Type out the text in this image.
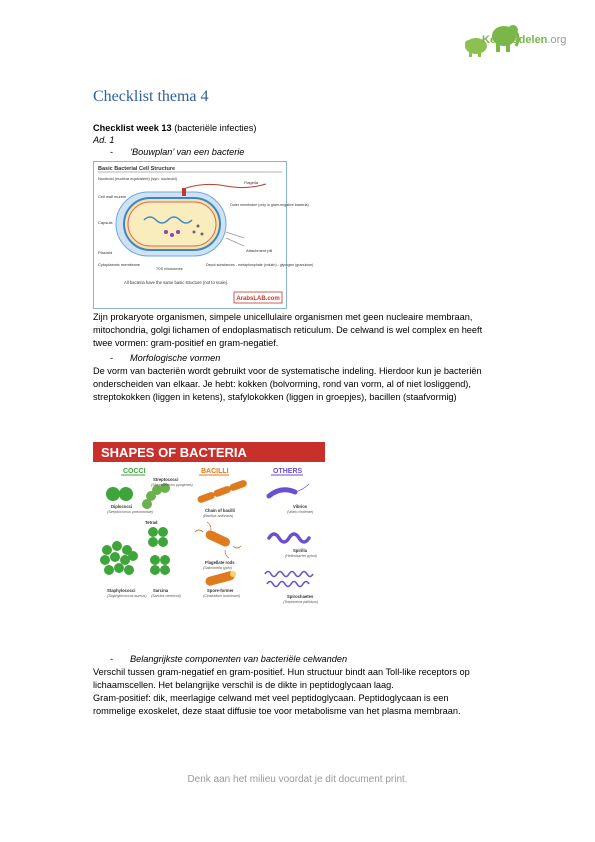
Kennisdelen.org
Checklist thema 4
Checklist week 13 (bacteriële infecties)
Ad. 1
- ‘Bouwplan’ van een bacterie
Basic Bacterial Cell Structure
Nucleoid (nuclear equivalent) (syn: nucleoid)
Cell wall murein
Capsule
Plasmid
Cytoplasmic membrane
Flagella
Outer membrane (only in gram-negative bacteria)
Attachment pili
70S ribosomes
Depot substances - metaphosphate (volutin) - glycogen (granulose)
All bacteria have the same basic structure (not to scale).
ArabsLAB.com
Zijn prokaryote organismen, simpele unicellulaire organismen met geen nucleaire membraan,
mitochondria, golgi lichamen of endoplasmatisch reticulum. De celwand is wel complex en heeft
twee vormen: gram-positief en gram-negatief.
- Morfologische vormen
De vorm van bacteriën wordt gebruikt voor de systematische indeling. Hierdoor kun je bacteriën
onderscheiden van elkaar. Je hebt: kokken (bolvorming, rond van vorm, al of niet losliggend),
streptokokken (liggen in ketens), stafylokokken (liggen in groepjes), bacillen (staafvormig)
SHAPES OF BACTERIA
COCCI	BACILLI	OTHERS
Diplococci
(Streptococcus pneumoniae)
Streptococci
(Streptococcus pyogenes)
Tetrad
Staphylococci
(Staphylococcus aureus)
Sarcina
(Sarcina ventriculi)
Chain of bacilli
(Bacillus anthracis)
Flagellate rods
(Salmonella typhi)
Spore-former
(Clostridium botulinum)
Vibrios
(Vibrio cholerae)
Spirilla
(Helicobacter pylori)
Spirochaetes
(Treponema pallidum)
- Belangrijkste componenten van bacteriële celwanden
Verschil tussen gram-negatief en gram-positief. Hun structuur bindt aan Toll-like receptors op
lichaamscellen. Het belangrijke verschil is de dikte in peptidoglycaan laag.
Gram-positief: dik, meerlagige celwand met veel peptidoglycaan. Peptidoglycaan is een
rommelige exoskelet, deze staat diffusie toe voor metabolisme van het plasma membraan.
Denk aan het milieu voordat je dit document print.
